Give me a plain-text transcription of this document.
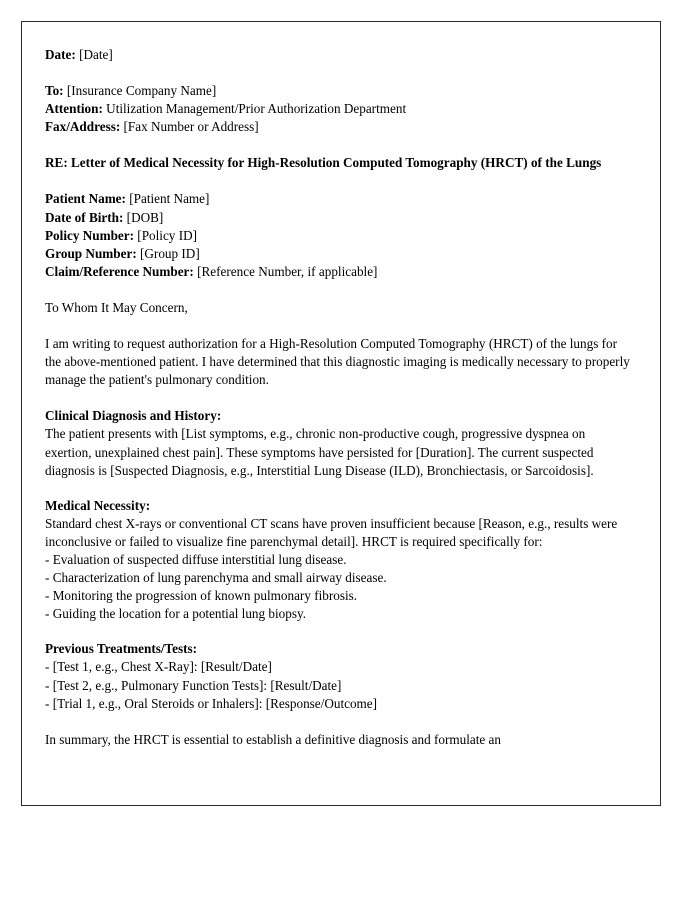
Date: [Date]
To: [Insurance Company Name]
Attention: Utilization Management/Prior Authorization Department
Fax/Address: [Fax Number or Address]
RE: Letter of Medical Necessity for High-Resolution Computed Tomography (HRCT) of the Lungs
Patient Name: [Patient Name]
Date of Birth: [DOB]
Policy Number: [Policy ID]
Group Number: [Group ID]
Claim/Reference Number: [Reference Number, if applicable]
To Whom It May Concern,
I am writing to request authorization for a High-Resolution Computed Tomography (HRCT) of the lungs for the above-mentioned patient. I have determined that this diagnostic imaging is medically necessary to properly manage the patient's pulmonary condition.
Clinical Diagnosis and History:
The patient presents with [List symptoms, e.g., chronic non-productive cough, progressive dyspnea on exertion, unexplained chest pain]. These symptoms have persisted for [Duration]. The current suspected diagnosis is [Suspected Diagnosis, e.g., Interstitial Lung Disease (ILD), Bronchiectasis, or Sarcoidosis].
Medical Necessity:
Standard chest X-rays or conventional CT scans have proven insufficient because [Reason, e.g., results were inconclusive or failed to visualize fine parenchymal detail]. HRCT is required specifically for:
- Evaluation of suspected diffuse interstitial lung disease.
- Characterization of lung parenchyma and small airway disease.
- Monitoring the progression of known pulmonary fibrosis.
- Guiding the location for a potential lung biopsy.
Previous Treatments/Tests:
- [Test 1, e.g., Chest X-Ray]: [Result/Date]
- [Test 2, e.g., Pulmonary Function Tests]: [Result/Date]
- [Trial 1, e.g., Oral Steroids or Inhalers]: [Response/Outcome]
In summary, the HRCT is essential to establish a definitive diagnosis and formulate an
